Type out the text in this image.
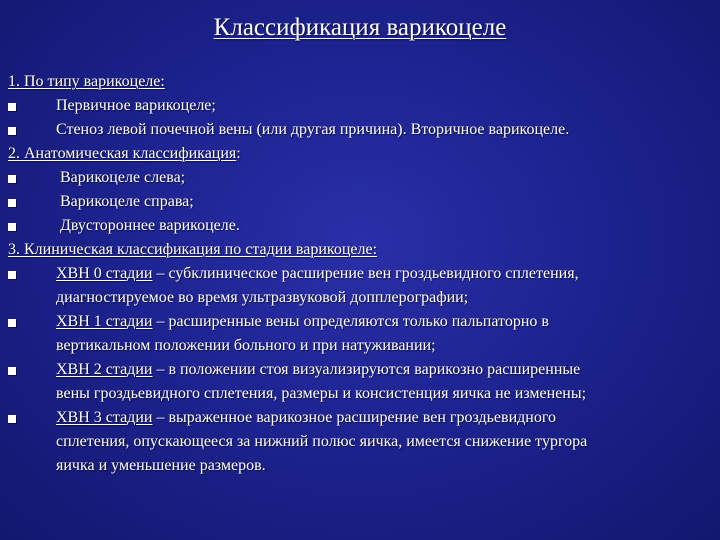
Классификация варикоцеле
1. По типу варикоцеле:
Первичное варикоцеле;
Стеноз левой почечной вены (или другая причина). Вторичное варикоцеле.
2. Анатомическая классификация:
Варикоцеле слева;
Варикоцеле справа;
Двустороннее варикоцеле.
3. Клиническая классификация по стадии варикоцеле:
ХВН 0 стадии – субклиническое расширение вен гроздьевидного сплетения,
диагностируемое во время ультразвуковой допплерографии;
ХВН 1 стадии – расширенные вены определяются только пальпаторно в
вертикальном положении больного и при натуживании;
ХВН 2 стадии – в положении стоя визуализируются варикозно расширенные
вены гроздьевидного сплетения, размеры и консистенция яичка не изменены;
ХВН 3 стадии – выраженное варикозное расширение вен гроздьевидного
сплетения, опускающееся за нижний полюс яичка, имеется снижение тургора
яичка и уменьшение размеров.
